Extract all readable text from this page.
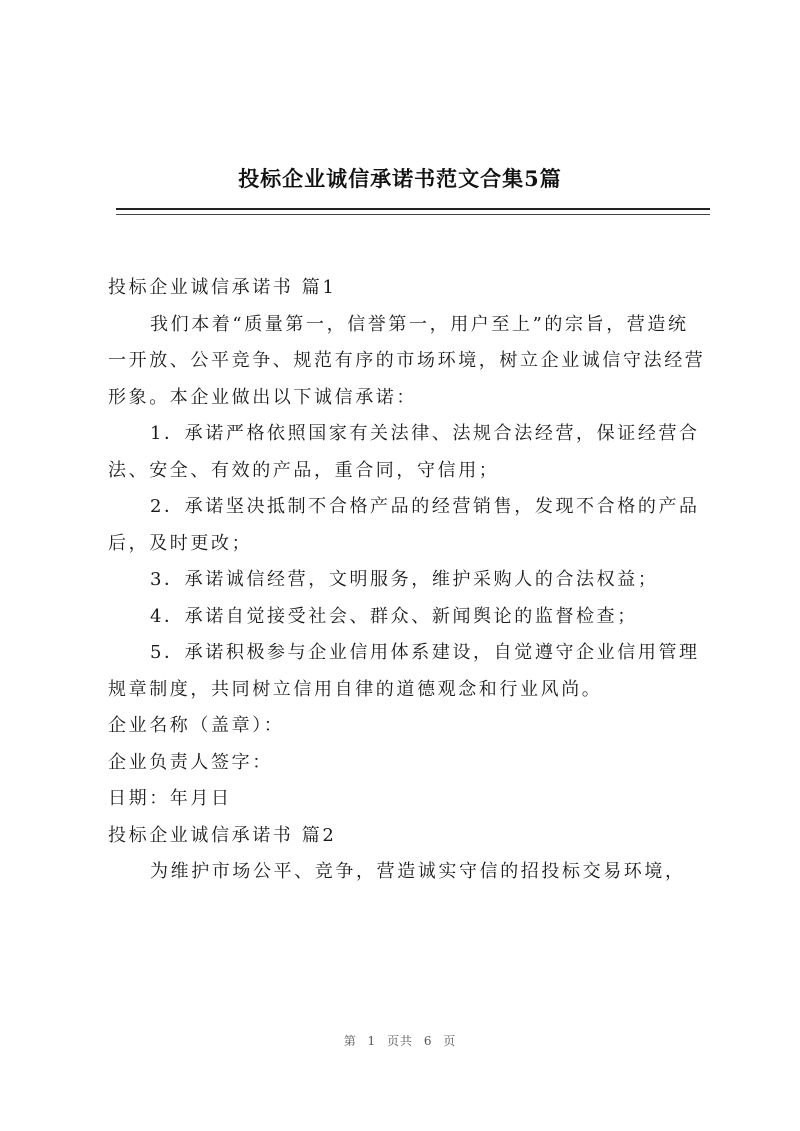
投标企业诚信承诺书范文合集5篇

投标企业诚信承诺书 篇1

我们本着“质量第一，信誉第一，用户至上”的宗旨，营造统一开放、公平竞争、规范有序的市场环境，树立企业诚信守法经营形象。本企业做出以下诚信承诺：

1．承诺严格依照国家有关法律、法规合法经营，保证经营合法、安全、有效的产品，重合同，守信用；

2．承诺坚决抵制不合格产品的经营销售，发现不合格的产品后，及时更改；

3．承诺诚信经营，文明服务，维护采购人的合法权益；

4．承诺自觉接受社会、群众、新闻舆论的监督检查；

5．承诺积极参与企业信用体系建设，自觉遵守企业信用管理规章制度，共同树立信用自律的道德观念和行业风尚。

企业名称（盖章）：

企业负责人签字：

日期：年月日

投标企业诚信承诺书 篇2

为维护市场公平、竞争，营造诚实守信的招投标交易环境，

第 1 页共 6 页
